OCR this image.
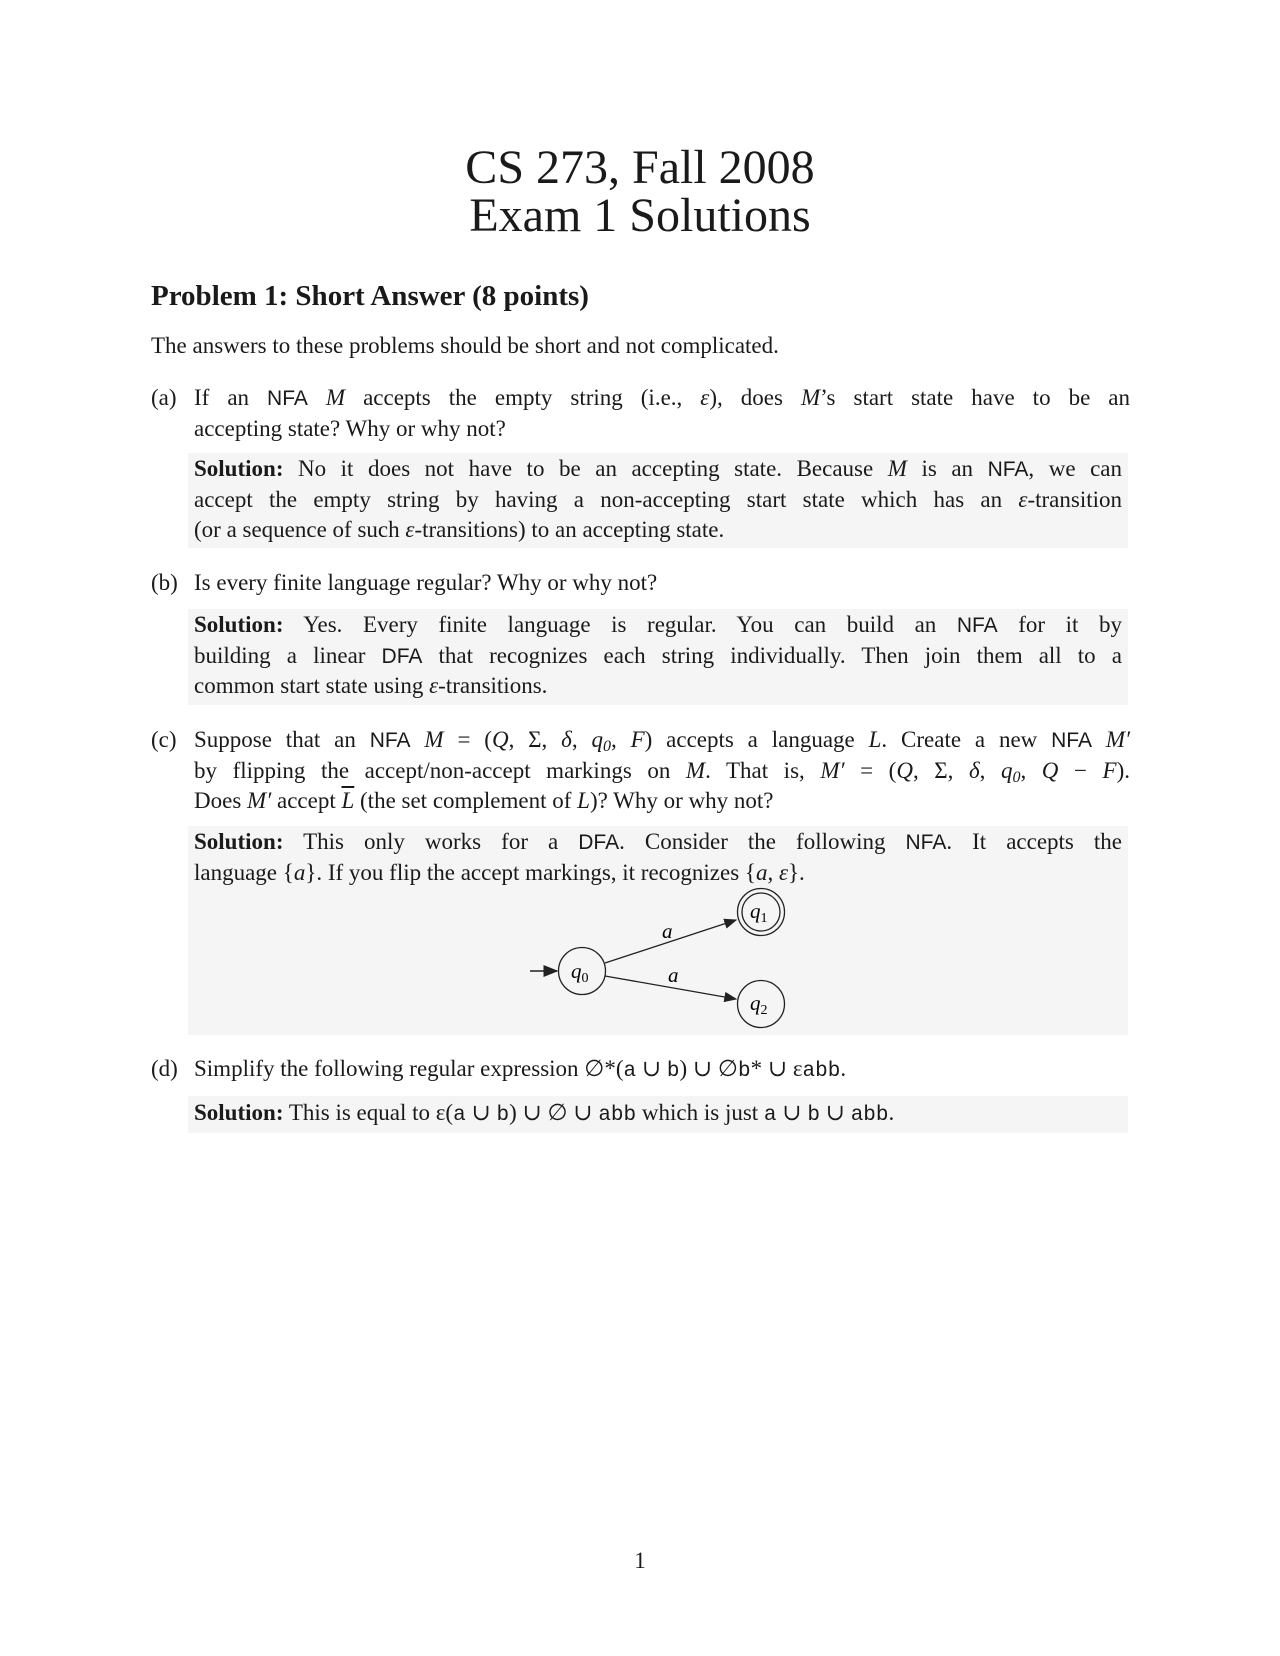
CS 273, Fall 2008
Exam 1 Solutions
Problem 1: Short Answer (8 points)
(a)
(b)
(c)
(d)
The answers to these problems should be short and not complicated.
If an NFA M accepts the empty string (i.e., ε), does M’s start state have to be an
accepting state? Why or why not?
Solution: No it does not have to be an accepting state. Because M is an NFA, we can
accept the empty string by having a non-accepting start state which has an ε-transition
(or a sequence of such ε-transitions) to an accepting state.
Is every finite language regular? Why or why not?
Solution: Yes. Every finite language is regular. You can build an NFA for it by
building a linear DFA that recognizes each string individually. Then join them all to a
common start state using ε-transitions.
Suppose that an NFA M = (Q, Σ, δ, q0, F) accepts a language L. Create a new NFA M′
by flipping the accept/non-accept markings on M. That is, M′ = (Q, Σ, δ, q0, Q − F).
Does M′ accept $\overline{L}$ (the set complement of L)? Why or why not?
Solution: This only works for a DFA. Consider the following NFA. It accepts the
language {a}. If you flip the accept markings, it recognizes {a, ε}.
Simplify the following regular expression ∅*(a ∪ b) ∪ ∅b* ∪ εabb.
Solution: This is equal to ε(a ∪ b) ∪ ∅ ∪ abb which is just a ∪ b ∪ abb.
a
a
q0
q1
q2
1
